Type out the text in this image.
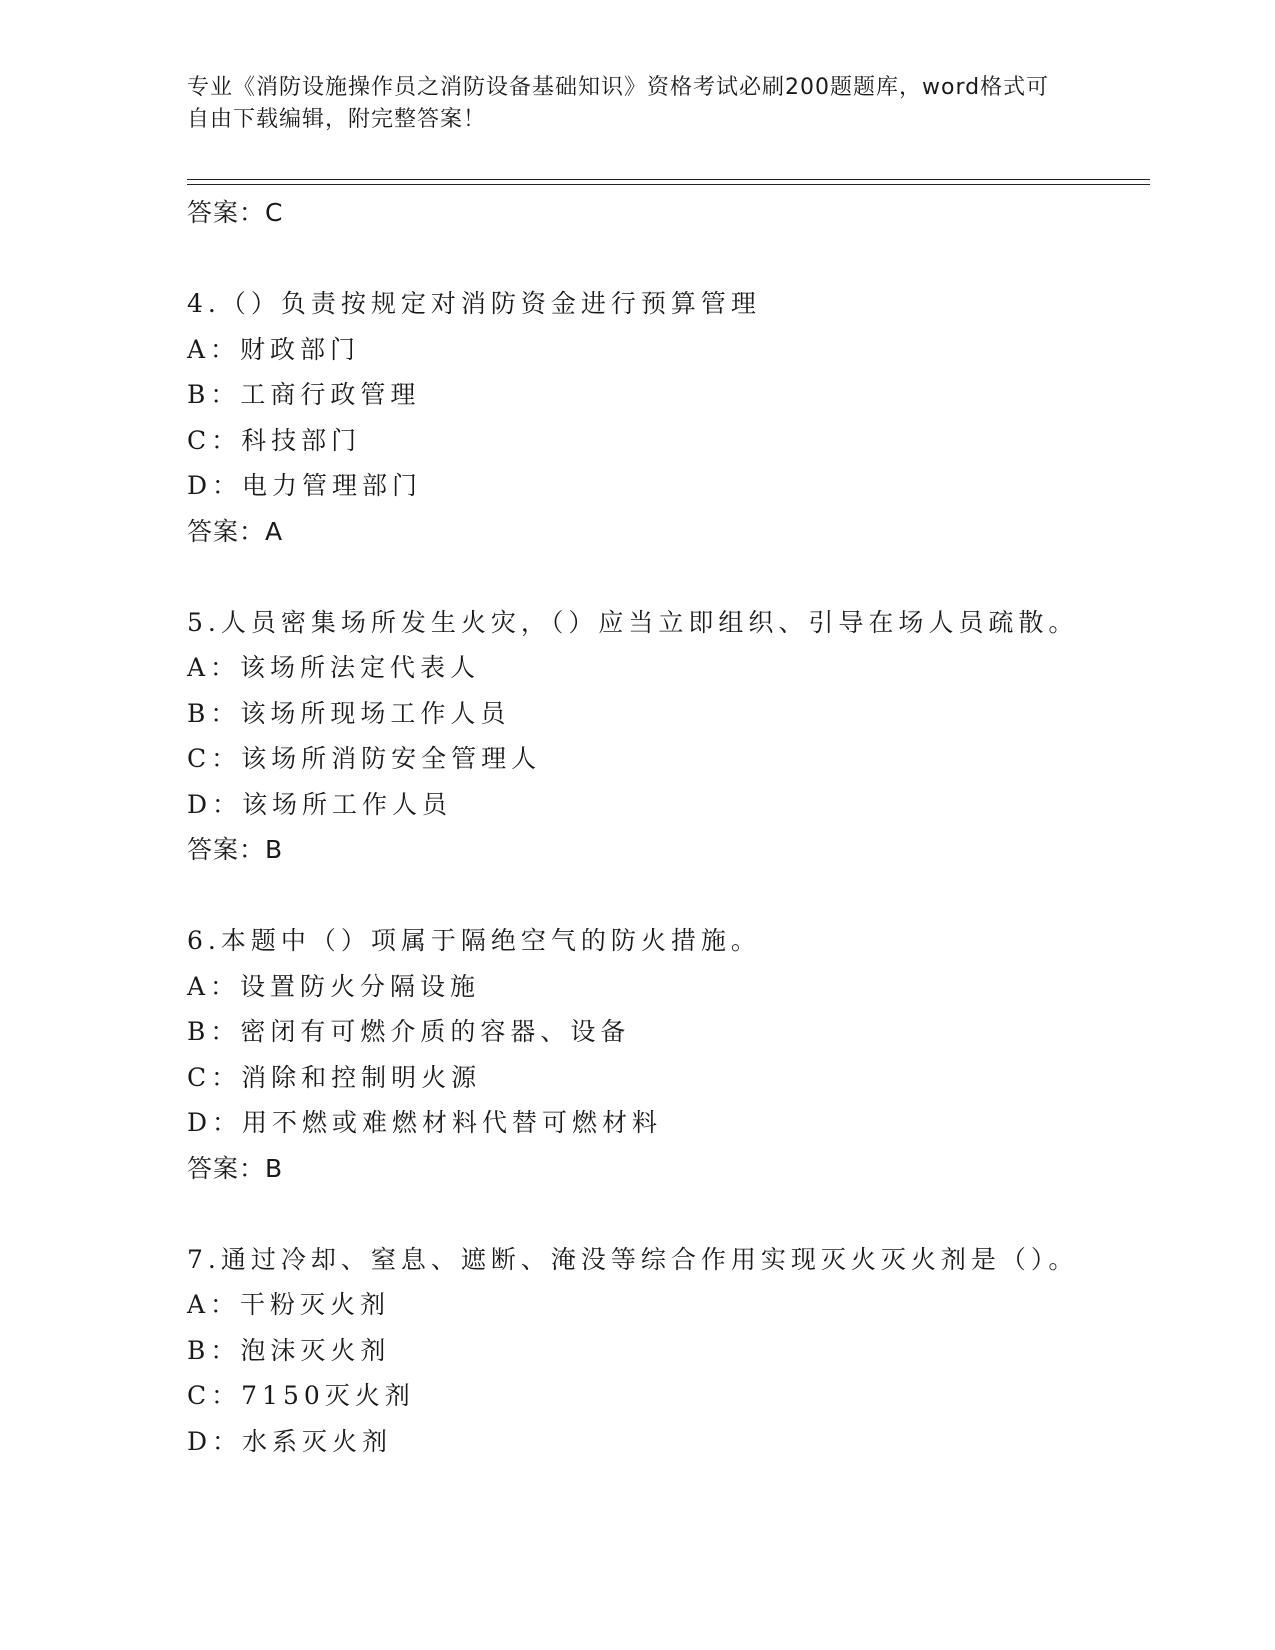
专业《消防设施操作员之消防设备基础知识》资格考试必刷200题题库，word格式可自由下载编辑，附完整答案！
答案：C
4.（）负责按规定对消防资金进行预算管理
A：财政部门
B：工商行政管理
C：科技部门
D：电力管理部门
答案：A
5.人员密集场所发生火灾，（）应当立即组织、引导在场人员疏散。
A：该场所法定代表人
B：该场所现场工作人员
C：该场所消防安全管理人
D：该场所工作人员
答案：B
6.本题中（）项属于隔绝空气的防火措施。
A：设置防火分隔设施
B：密闭有可燃介质的容器、设备
C：消除和控制明火源
D：用不燃或难燃材料代替可燃材料
答案：B
7.通过冷却、窒息、遮断、淹没等综合作用实现灭火灭火剂是（）。
A：干粉灭火剂
B：泡沫灭火剂
C：7150灭火剂
D：水系灭火剂
